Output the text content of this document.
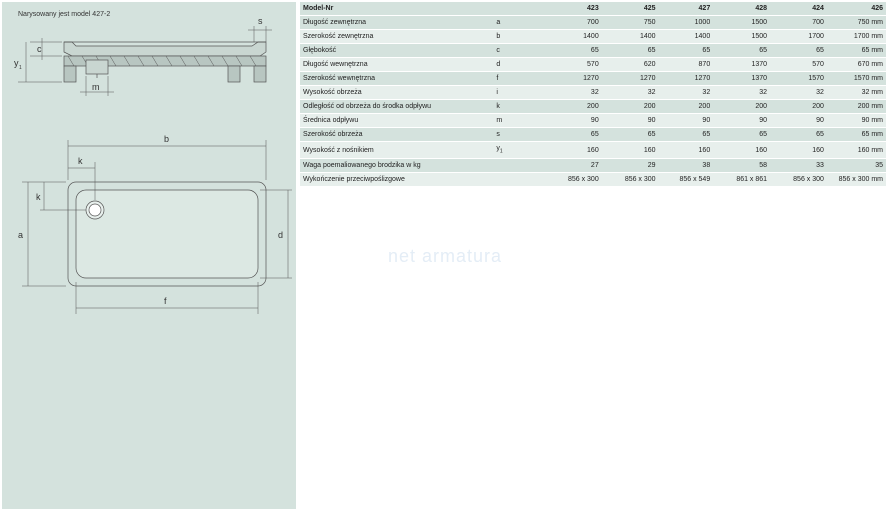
Narysowany jest model 427-2
s
c
y 1
m
b
k
a
k
d
f
Model-Nr		423	425	427	428	424	426
Długość zewnętrzna	a	700	750	1000	1500	700	750 mm
Szerokość zewnętrzna	b	1400	1400	1400	1500	1700	1700 mm
Głębokość	c	65	65	65	65	65	65 mm
Długość wewnętrzna	d	570	620	870	1370	570	670 mm
Szerokość wewnętrzna	f	1270	1270	1270	1370	1570	1570 mm
Wysokość obrzeża	i	32	32	32	32	32	32 mm
Odległość od obrzeża do środka odpływu	k	200	200	200	200	200	200 mm
Średnica odpływu	m	90	90	90	90	90	90 mm
Szerokość obrzeża	s	65	65	65	65	65	65 mm
Wysokość z nośnikiem	$y_1$	160	160	160	160	160	160 mm
Waga poemaliowanego brodzika w kg		27	29	38	58	33	35
Wykończenie przeciwpoślizgowe		856 x 300	856 x 300	856 x 549	861 x 861	856 x 300	856 x 300 mm
net armatura
